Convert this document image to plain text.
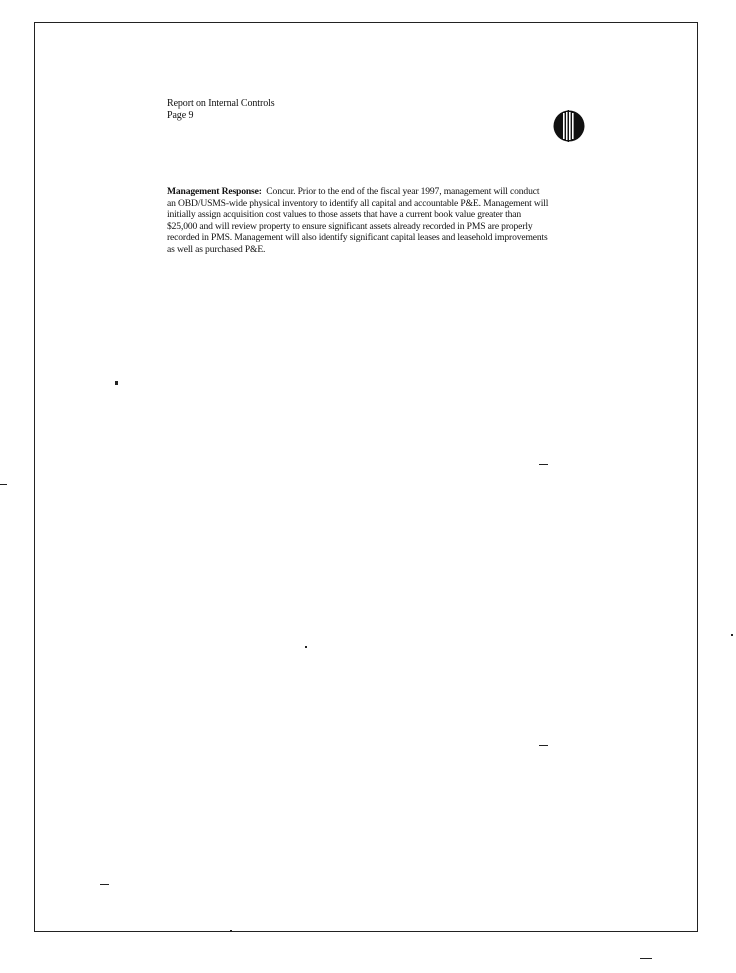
Report on Internal Controls
Page 9
Management Response: Concur. Prior to the end of the fiscal year 1997, management will conduct
an OBD/USMS-wide physical inventory to identify all capital and accountable P&E. Management will
initially assign acquisition cost values to those assets that have a current book value greater than
$25,000 and will review property to ensure significant assets already recorded in PMS are properly
recorded in PMS. Management will also identify significant capital leases and leasehold improvements
as well as purchased P&E.
